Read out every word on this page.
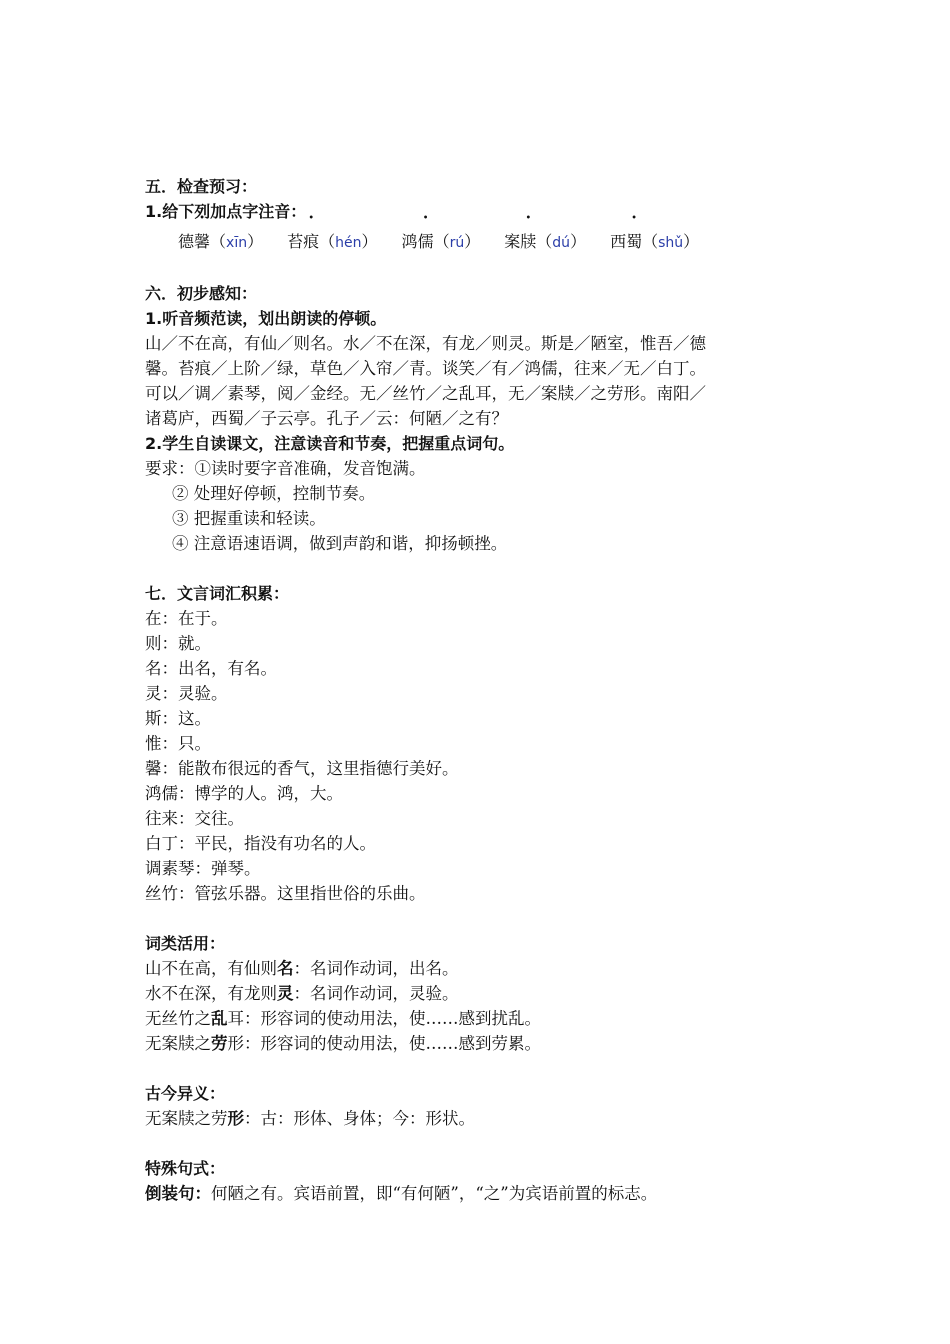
五．检查预习：
1.给下列加点字注音：
德馨（xīn） 苔痕（hén） 鸿儒（rú） 案牍（dú） 西蜀（shǔ）
六．初步感知：
1.听音频范读，划出朗读的停顿。
山／不在高，有仙／则名。水／不在深，有龙／则灵。斯是／陋室，惟吾／德
馨。苔痕／上阶／绿，草色／入帘／青。谈笑／有／鸿儒，往来／无／白丁。
可以／调／素琴，阅／金经。无／丝竹／之乱耳，无／案牍／之劳形。南阳／
诸葛庐，西蜀／子云亭。孔子／云：何陋／之有？
2.学生自读课文，注意读音和节奏，把握重点词句。
要求：①读时要字音准确，发音饱满。
② 处理好停顿，控制节奏。
③ 把握重读和轻读。
④ 注意语速语调，做到声韵和谐，抑扬顿挫。
七．文言词汇积累：
在：在于。
则：就。
名：出名，有名。
灵：灵验。
斯：这。
惟：只。
馨：能散布很远的香气，这里指德行美好。
鸿儒：博学的人。鸿，大。
往来：交往。
白丁：平民，指没有功名的人。
调素琴：弹琴。
丝竹：管弦乐器。这里指世俗的乐曲。
词类活用：
山不在高，有仙则名：名词作动词，出名。
水不在深，有龙则灵：名词作动词，灵验。
无丝竹之乱耳：形容词的使动用法，使……感到扰乱。
无案牍之劳形：形容词的使动用法，使……感到劳累。
古今异义：
无案牍之劳形：古：形体、身体；今：形状。
特殊句式：
倒装句：何陋之有。宾语前置，即“有何陋”，“之”为宾语前置的标志。
